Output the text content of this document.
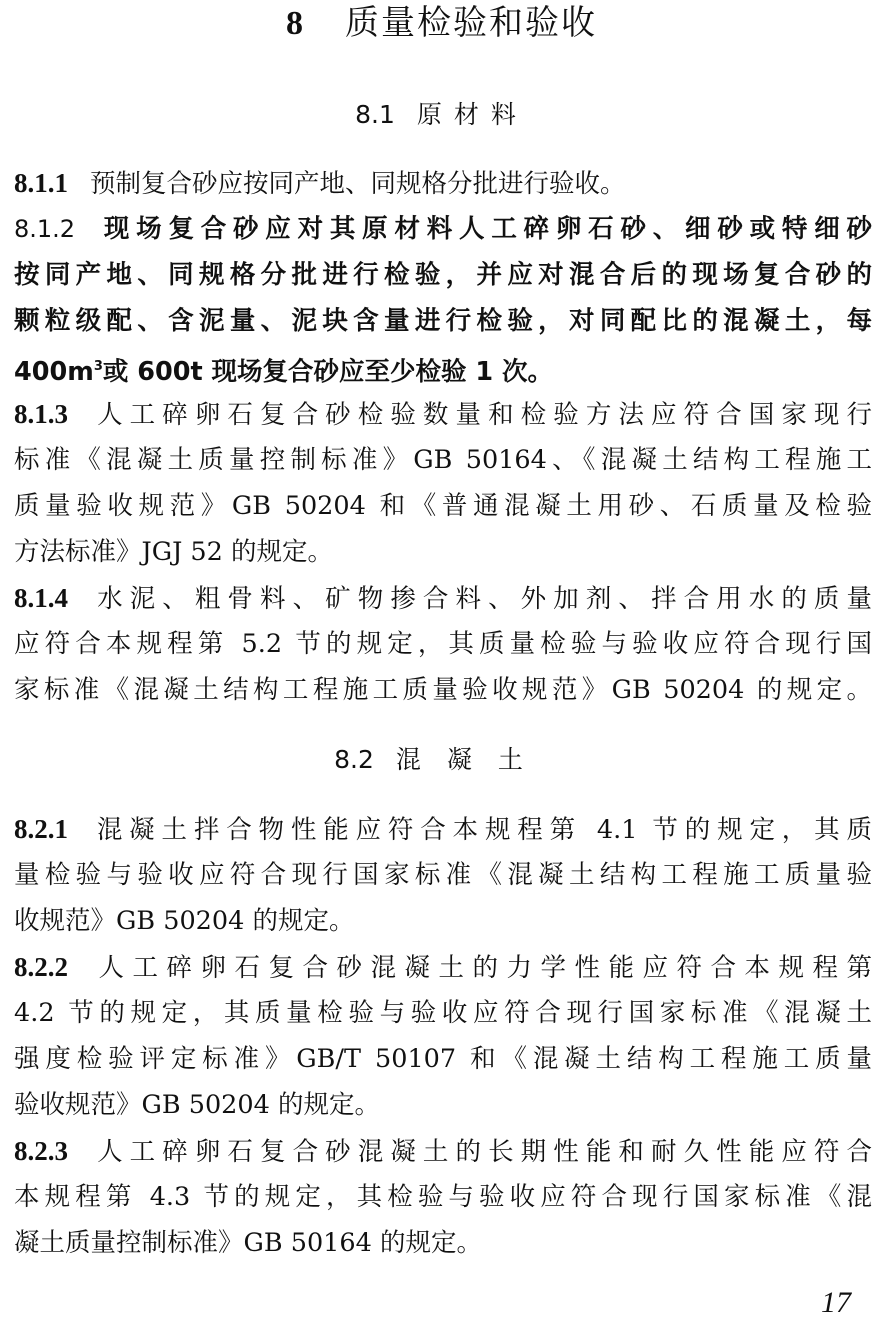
8 质量检验和验收
8.1 原材料
8.1.1 预制复合砂应按同产地、同规格分批进行验收。
8.1.2 现场复合砂应对其原材料人工碎卵石砂、细砂或特细砂
按同产地、同规格分批进行检验，并应对混合后的现场复合砂的
颗粒级配、含泥量、泥块含量进行检验，对同配比的混凝土，每
$400m^3$或 600t 现场复合砂应至少检验 1 次。
8.1.3 人工碎卵石复合砂检验数量和检验方法应符合国家现行
标准《混凝土质量控制标准》GB 50164、《混凝土结构工程施工
质量验收规范》GB 50204 和《普通混凝土用砂、石质量及检验
方法标准》JGJ 52 的规定。
8.1.4 水泥、粗骨料、矿物掺合料、外加剂、拌合用水的质量
应符合本规程第 5.2 节的规定，其质量检验与验收应符合现行国
家标准《混凝土结构工程施工质量验收规范》GB 50204 的规定。
8.2 混凝土
8.2.1 混凝土拌合物性能应符合本规程第 4.1 节的规定，其质
量检验与验收应符合现行国家标准《混凝土结构工程施工质量验
收规范》GB 50204 的规定。
8.2.2 人工碎卵石复合砂混凝土的力学性能应符合本规程第
4.2 节的规定，其质量检验与验收应符合现行国家标准《混凝土
强度检验评定标准》GB/T 50107 和《混凝土结构工程施工质量
验收规范》GB 50204 的规定。
8.2.3 人工碎卵石复合砂混凝土的长期性能和耐久性能应符合
本规程第 4.3 节的规定，其检验与验收应符合现行国家标准《混
凝土质量控制标准》GB 50164 的规定。
17
